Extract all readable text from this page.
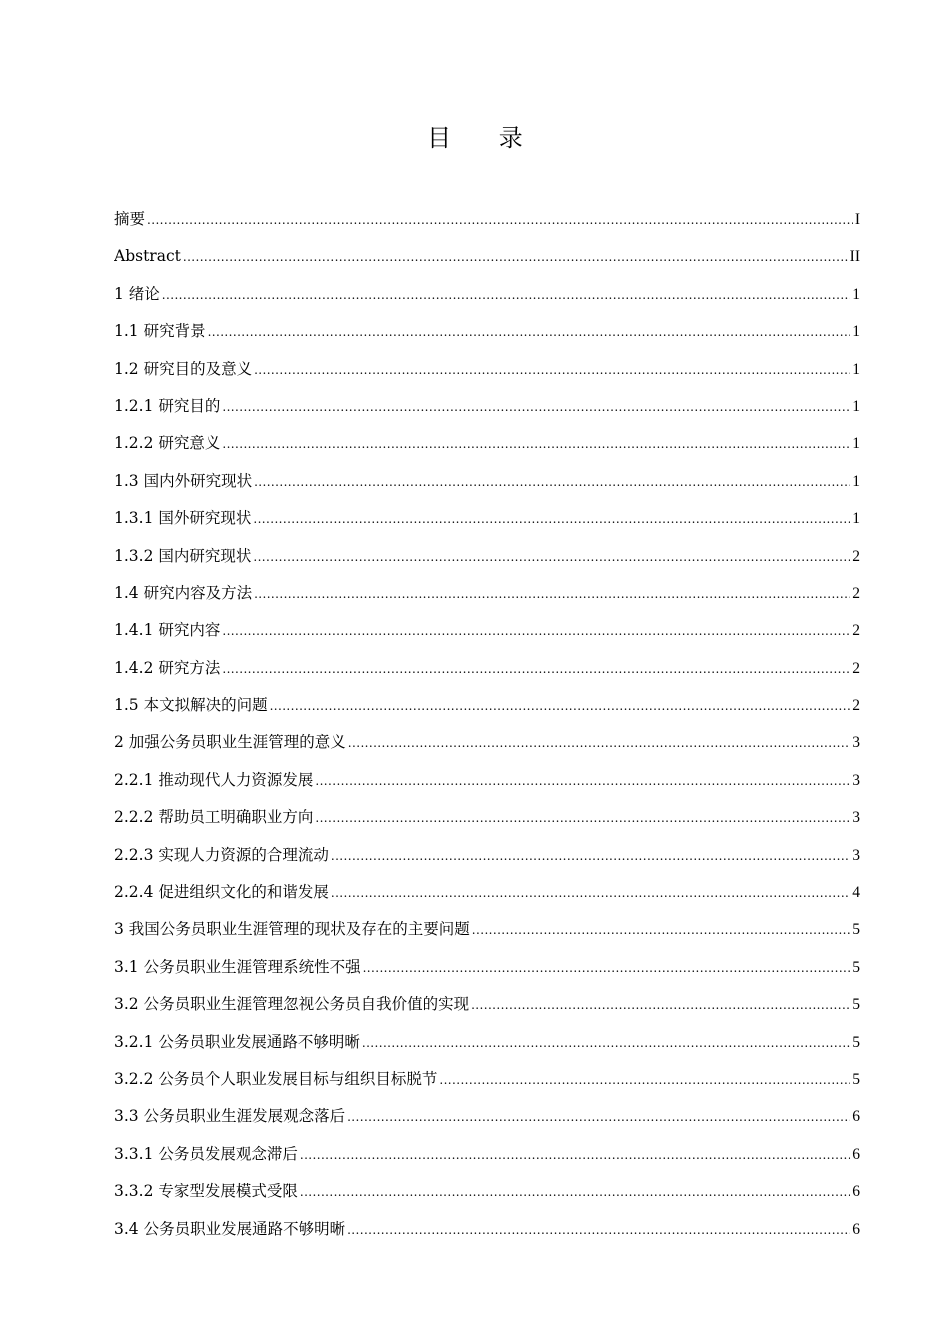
目 录
摘要 .....	I
Abstract .....	II
1 绪论 .....	1
1.1 研究背景 .....	1
1.2 研究目的及意义 .....	1
1.2.1 研究目的 .....	1
1.2.2 研究意义 .....	1
1.3 国内外研究现状 .....	1
1.3.1 国外研究现状 .....	1
1.3.2 国内研究现状 .....	2
1.4 研究内容及方法 .....	2
1.4.1 研究内容 .....	2
1.4.2 研究方法 .....	2
1.5 本文拟解决的问题 .....	2
2 加强公务员职业生涯管理的意义 .....	3
2.2.1 推动现代人力资源发展 .....	3
2.2.2 帮助员工明确职业方向 .....	3
2.2.3 实现人力资源的合理流动 .....	3
2.2.4 促进组织文化的和谐发展 .....	4
3 我国公务员职业生涯管理的现状及存在的主要问题 .....	5
3.1 公务员职业生涯管理系统性不强 .....	5
3.2 公务员职业生涯管理忽视公务员自我价值的实现 .....	5
3.2.1 公务员职业发展通路不够明晰 .....	5
3.2.2 公务员个人职业发展目标与组织目标脱节 .....	5
3.3 公务员职业生涯发展观念落后 .....	6
3.3.1 公务员发展观念滞后 .....	6
3.3.2 专家型发展模式受限 .....	6
3.4 公务员职业发展通路不够明晰 .....	6
